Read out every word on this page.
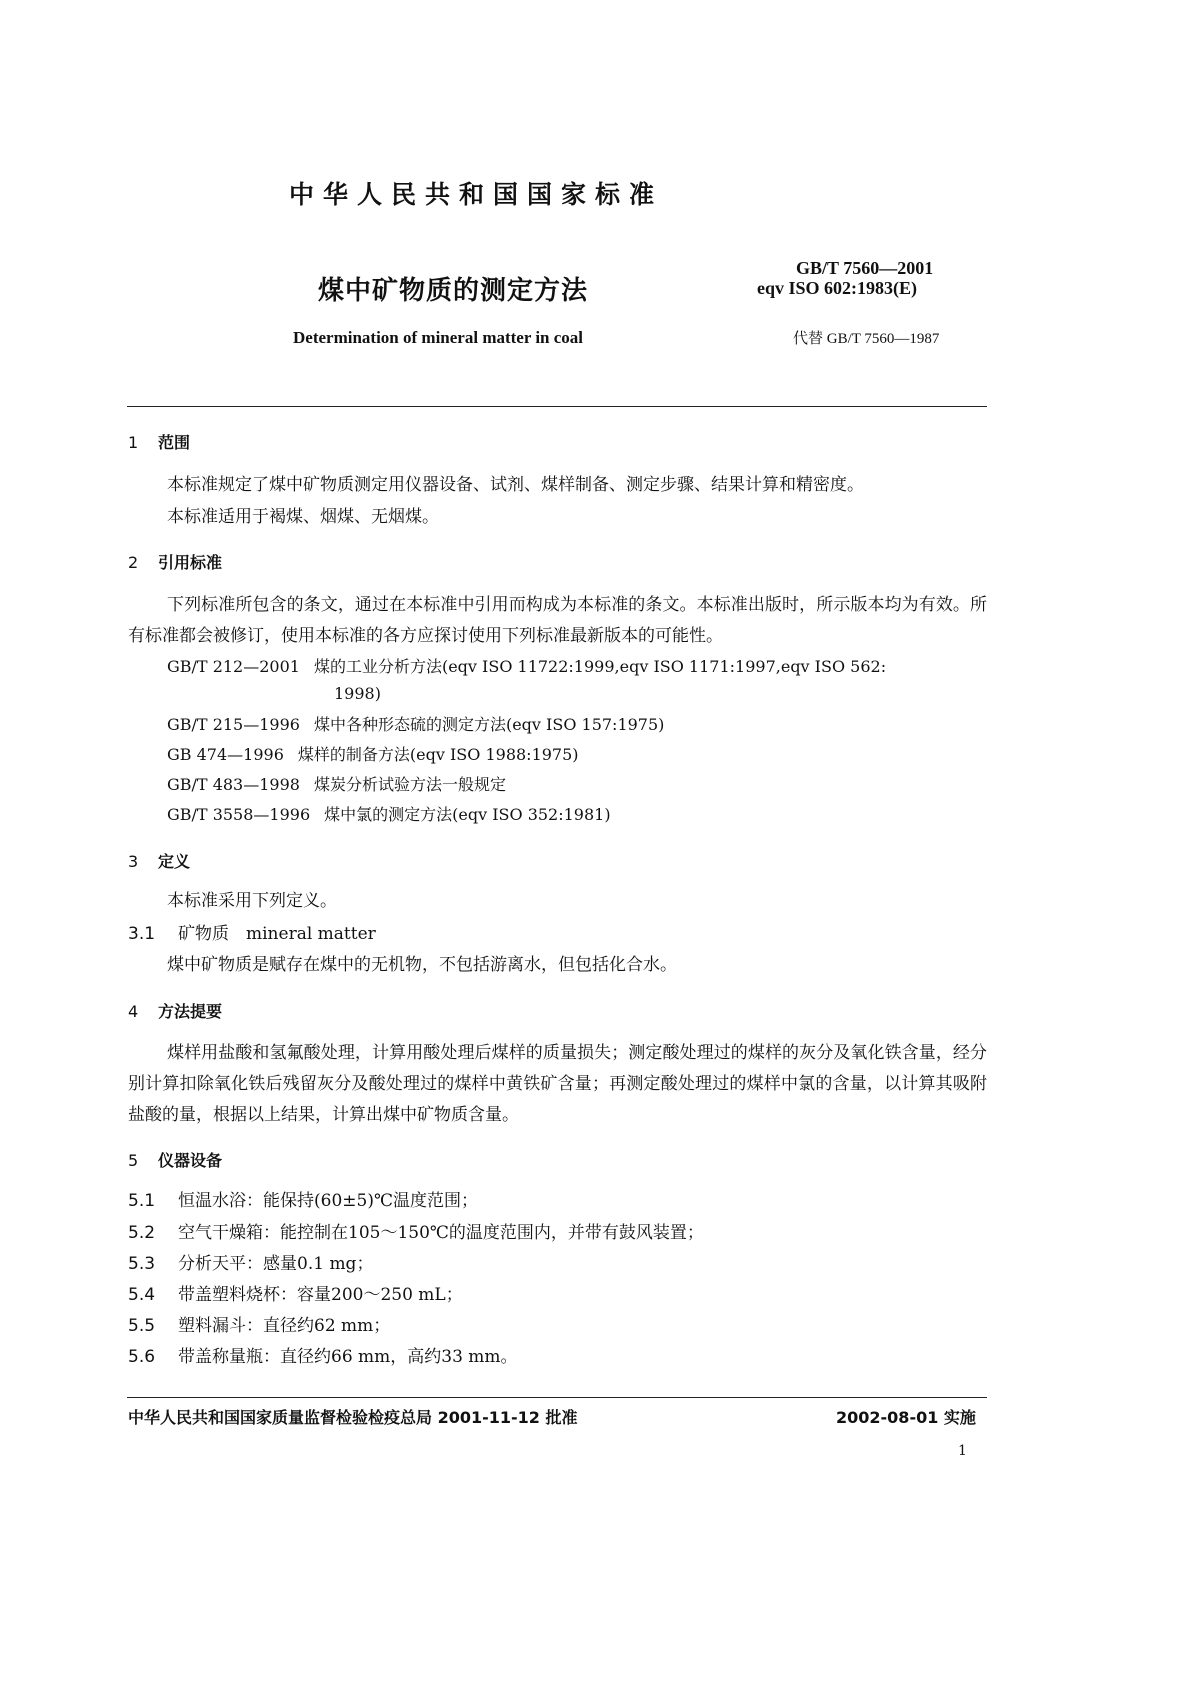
中华人民共和国国家标准
煤中矿物质的测定方法
Determination of mineral matter in coal
GB/T 7560—2001
eqv ISO 602:1983(E)
代替 GB/T 7560—1987
1 范围
本标准规定了煤中矿物质测定用仪器设备、试剂、煤样制备、测定步骤、结果计算和精密度。
本标准适用于褐煤、烟煤、无烟煤。
2 引用标准
下列标准所包含的条文，通过在本标准中引用而构成为本标准的条文。本标准出版时，所示版本均为有效。所有标准都会被修订，使用本标准的各方应探讨使用下列标准最新版本的可能性。
GB/T 212—2001 煤的工业分析方法(eqv ISO 11722:1999,eqv ISO 1171:1997,eqv ISO 562:
1998)
GB/T 215—1996 煤中各种形态硫的测定方法(eqv ISO 157:1975)
GB 474—1996 煤样的制备方法(eqv ISO 1988:1975)
GB/T 483—1998 煤炭分析试验方法一般规定
GB/T 3558—1996 煤中氯的测定方法(eqv ISO 352:1981)
3 定义
本标准采用下列定义。
3.1 矿物质　mineral matter
煤中矿物质是赋存在煤中的无机物，不包括游离水，但包括化合水。
4 方法提要
煤样用盐酸和氢氟酸处理，计算用酸处理后煤样的质量损失；测定酸处理过的煤样的灰分及氧化铁含量，经分别计算扣除氧化铁后残留灰分及酸处理过的煤样中黄铁矿含量；再测定酸处理过的煤样中氯的含量，以计算其吸附盐酸的量，根据以上结果，计算出煤中矿物质含量。
5 仪器设备
5.1 恒温水浴：能保持(60±5)℃温度范围；
5.2 空气干燥箱：能控制在105～150℃的温度范围内，并带有鼓风装置；
5.3 分析天平：感量0.1 mg；
5.4 带盖塑料烧杯：容量200～250 mL；
5.5 塑料漏斗：直径约62 mm；
5.6 带盖称量瓶：直径约66 mm，高约33 mm。
中华人民共和国国家质量监督检验检疫总局 2001-11-12 批准	2002-08-01 实施
1
